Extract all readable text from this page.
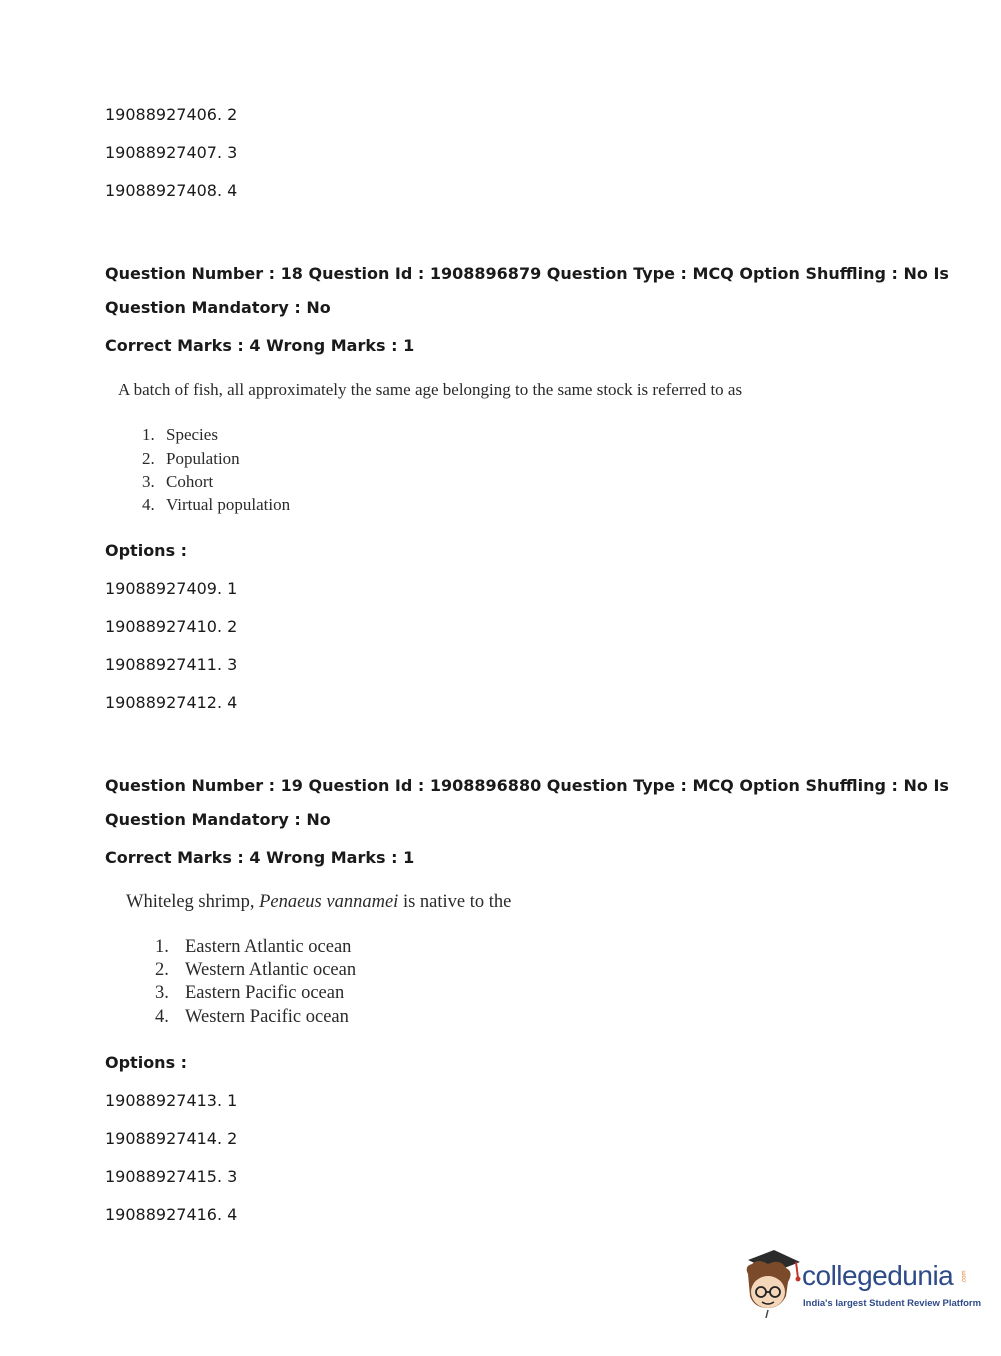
19088927406. 2
19088927407. 3
19088927408. 4
Question Number : 18 Question Id : 1908896879 Question Type : MCQ Option Shuffling : No Is
Question Mandatory : No
Correct Marks : 4 Wrong Marks : 1
A batch of fish, all approximately the same age belonging to the same stock is referred to as
1. Species
2. Population
3. Cohort
4. Virtual population
Options :
19088927409. 1
19088927410. 2
19088927411. 3
19088927412. 4
Question Number : 19 Question Id : 1908896880 Question Type : MCQ Option Shuffling : No Is
Question Mandatory : No
Correct Marks : 4 Wrong Marks : 1
Whiteleg shrimp, Penaeus vannamei is native to the
1. Eastern Atlantic ocean
2. Western Atlantic ocean
3. Eastern Pacific ocean
4. Western Pacific ocean
Options :
19088927413. 1
19088927414. 2
19088927415. 3
19088927416. 4
collegedunia .com
India's largest Student Review Platform
